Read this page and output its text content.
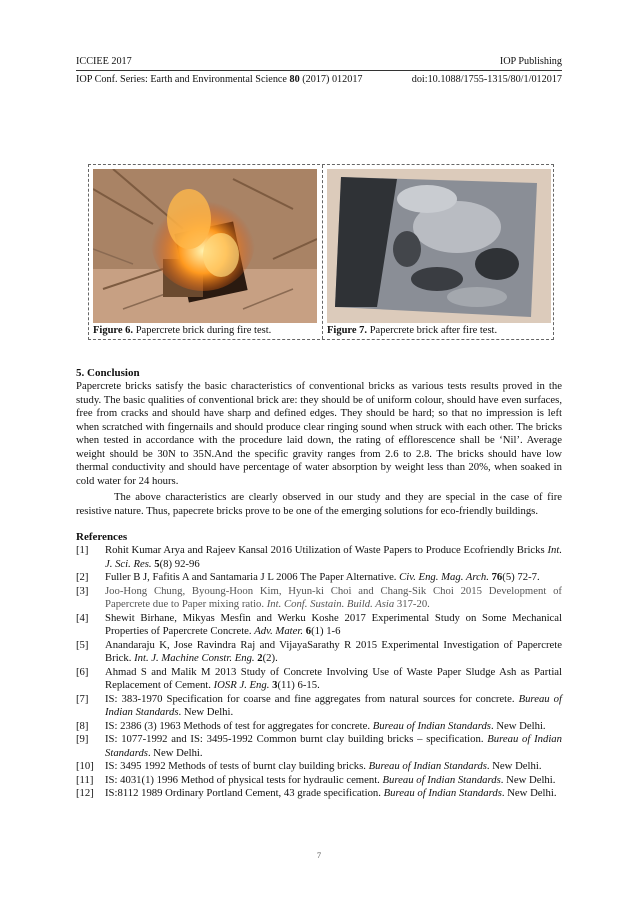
ICCIEE 2017	IOP Publishing
IOP Conf. Series: Earth and Environmental Science 80 (2017) 012017	doi:10.1088/1755-1315/80/1/012017
Figure 6. Papercrete brick during fire test.	Figure 7. Papercrete brick after fire test.
5. Conclusion
Papercrete bricks satisfy the basic characteristics of conventional bricks as various tests results proved in the study. The basic qualities of conventional brick are: they should be of uniform colour, should have even surfaces, free from cracks and should have sharp and defined edges. They should be hard; so that no impression is left when scratched with fingernails and should produce clear ringing sound when struck with each other. The bricks when tested in accordance with the procedure laid down, the rating of efflorescence shall be ‘Nil’. Average weight should be 30N to 35N.And the specific gravity ranges from 2.6 to 2.8. The bricks should have low thermal conductivity and should have percentage of water absorption by weight less than 20%, when soaked in cold water for 24 hours.
The above characteristics are clearly observed in our study and they are special in the case of fire resistive nature. Thus, papecrete bricks prove to be one of the emerging solutions for eco-friendly buildings.
References
[1]	Rohit Kumar Arya and Rajeev Kansal 2016 Utilization of Waste Papers to Produce Ecofriendly Bricks Int. J. Sci. Res. 5(8) 92-96
[2]	Fuller B J, Fafitis A and Santamaria J L 2006 The Paper Alternative. Civ. Eng. Mag. Arch. 76(5) 72-7.
[3]	Joo-Hong Chung, Byoung-Hoon Kim, Hyun-ki Choi and Chang-Sik Choi 2015 Development of Papercrete due to Paper mixing ratio. Int. Conf. Sustain. Build. Asia 317-20.
[4]	Shewit Birhane, Mikyas Mesfin and Werku Koshe 2017 Experimental Study on Some Mechanical Properties of Papercrete Concrete. Adv. Mater. 6(1) 1-6
[5]	Anandaraju K, Jose Ravindra Raj and VijayaSarathy R 2015 Experimental Investigation of Papercrete Brick. Int. J. Machine Constr. Eng. 2(2).
[6]	Ahmad S and Malik M 2013 Study of Concrete Involving Use of Waste Paper Sludge Ash as Partial Replacement of Cement. IOSR J. Eng. 3(11) 6-15.
[7]	IS: 383-1970 Specification for coarse and fine aggregates from natural sources for concrete. Bureau of Indian Standards. New Delhi.
[8]	IS: 2386 (3) 1963 Methods of test for aggregates for concrete. Bureau of Indian Standards. New Delhi.
[9]	IS: 1077-1992 and IS: 3495-1992 Common burnt clay building bricks – specification. Bureau of Indian Standards. New Delhi.
[10]	IS: 3495 1992 Methods of tests of burnt clay building bricks. Bureau of Indian Standards. New Delhi.
[11]	IS: 4031(1) 1996 Method of physical tests for hydraulic cement. Bureau of Indian Standards. New Delhi.
[12]	IS:8112 1989 Ordinary Portland Cement, 43 grade specification. Bureau of Indian Standards. New Delhi.
7
